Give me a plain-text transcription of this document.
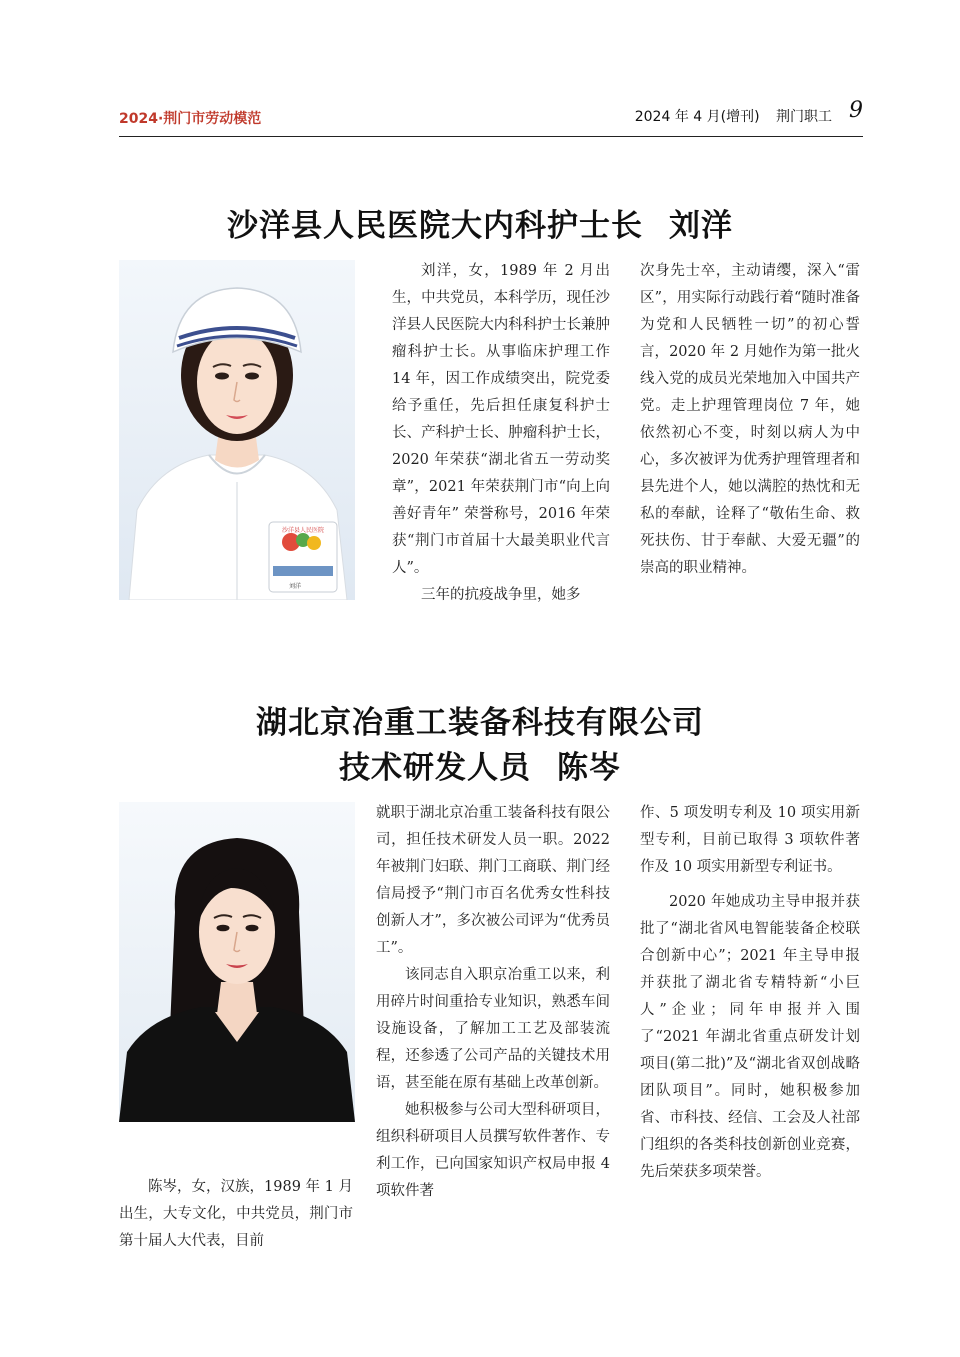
2024·荆门市劳动模范	2024 年 4 月(增刊) 荆门职工 9
沙洋县人民医院大内科护士长 刘洋
沙洋县人民医院
刘洋

刘洋，女，1989 年 2 月出生，中共党员，本科学历，现任沙洋县人民医院大内科科护士长兼肿瘤科护士长。从事临床护理工作 14 年，因工作成绩突出，院党委给予重任，先后担任康复科护士长、产科护士长、肿瘤科护士长，2020 年荣获“湖北省五一劳动奖章”，2021 年荣获荆门市“向上向善好青年” 荣誉称号，2016 年荣获“荆门市首届十大最美职业代言人”。

三年的抗疫战争里，她多

次身先士卒，主动请缨，深入“雷区”，用实际行动践行着“随时准备为党和人民牺牲一切”的初心誓言，2020 年 2 月她作为第一批火线入党的成员光荣地加入中国共产党。走上护理管理岗位 7 年，她依然初心不变，时刻以病人为中心，多次被评为优秀护理管理者和县先进个人，她以满腔的热忱和无私的奉献，诠释了“敬佑生命、救死扶伤、甘于奉献、大爱无疆”的崇高的职业精神。

湖北京冶重工装备科技有限公司
技术研发人员 陈岑

陈岑，女，汉族，1989 年 1 月出生，大专文化，中共党员，荆门市第十届人大代表，目前

就职于湖北京冶重工装备科技有限公司，担任技术研发人员一职。2022 年被荆门妇联、荆门工商联、荆门经信局授予“荆门市百名优秀女性科技创新人才”，多次被公司评为“优秀员工”。

该同志自入职京冶重工以来，利用碎片时间重拾专业知识，熟悉车间设施设备，了解加工工艺及部装流程，还参透了公司产品的关键技术用语，甚至能在原有基础上改革创新。

她积极参与公司大型科研项目，组织科研项目人员撰写软件著作、专利工作，已向国家知识产权局申报 4 项软件著

作、5 项发明专利及 10 项实用新型专利，目前已取得 3 项软件著作及 10 项实用新型专利证书。

2020 年她成功主导申报并获批了“湖北省风电智能装备企校联合创新中心”；2021 年主导申报并获批了湖北省专精特新“小巨人”企业；同年申报并入围了“2021 年湖北省重点研发计划项目(第二批)”及“湖北省双创战略团队项目”。同时，她积极参加省、市科技、经信、工会及人社部门组织的各类科技创新创业竞赛，先后荣获多项荣誉。
